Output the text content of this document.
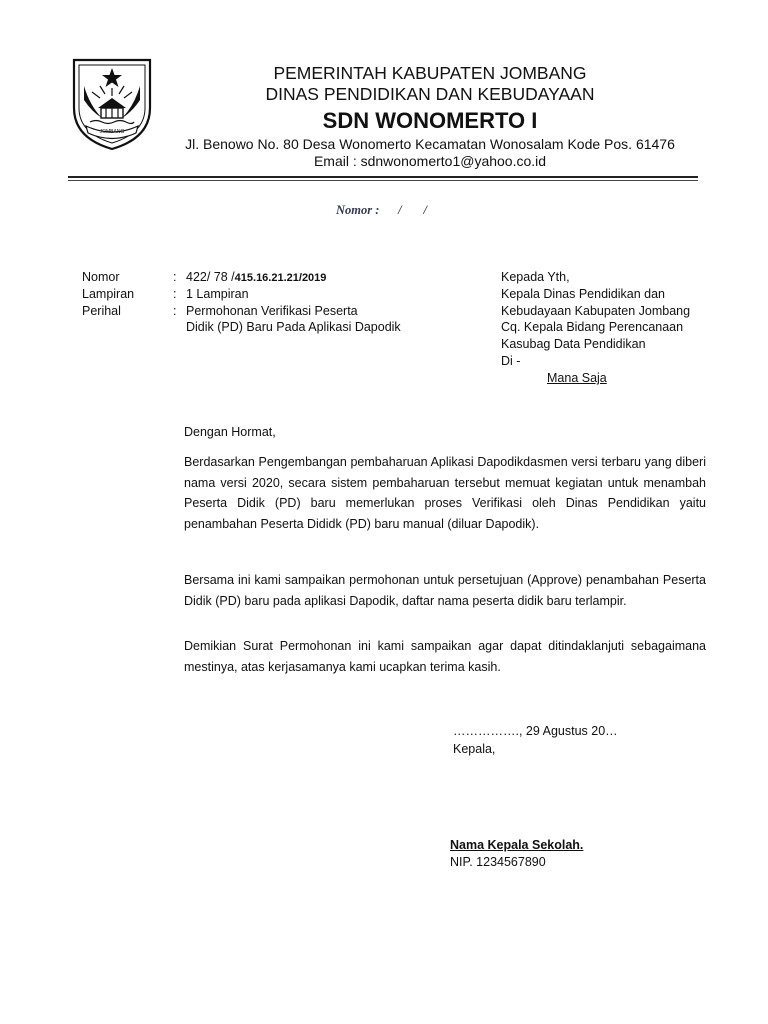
JOMBANG
PEMERINTAH KABUPATEN JOMBANG
DINAS PENDIDIKAN DAN KEBUDAYAAN
SDN WONOMERTO I
Jl. Benowo No. 80 Desa Wonomerto Kecamatan Wonosalam Kode Pos. 61476
Email : sdnwonomerto1@yahoo.co.id
Nomor :      /       /
Nomor	: 422/ 78 /415.16.21.21/2019
Lampiran	: 1 Lampiran
Perihal	: Permohonan Verifikasi Peserta
Didik (PD) Baru Pada Aplikasi Dapodik
Kepada Yth,
Kepala Dinas Pendidikan dan
Kebudayaan Kabupaten Jombang
Cq. Kepala Bidang Perencanaan
Kasubag Data Pendidikan
Di -
Mana Saja
Dengan Hormat,
Berdasarkan Pengembangan pembaharuan Aplikasi Dapodikdasmen versi terbaru yang diberi nama versi 2020, secara sistem pembaharuan tersebut memuat kegiatan untuk menambah Peserta Didik (PD) baru memerlukan proses Verifikasi oleh Dinas Pendidikan yaitu penambahan Peserta Dididk (PD) baru manual (diluar Dapodik).
Bersama ini kami sampaikan permohonan untuk persetujuan (Approve) penambahan Peserta Didik (PD) baru pada aplikasi Dapodik, daftar nama peserta didik baru terlampir.
Demikian Surat Permohonan ini kami sampaikan agar dapat ditindaklanjuti sebagaimana mestinya, atas kerjasamanya kami ucapkan terima kasih.
……………., 29 Agustus 20…
Kepala,
Nama Kepala Sekolah.
NIP. 1234567890
